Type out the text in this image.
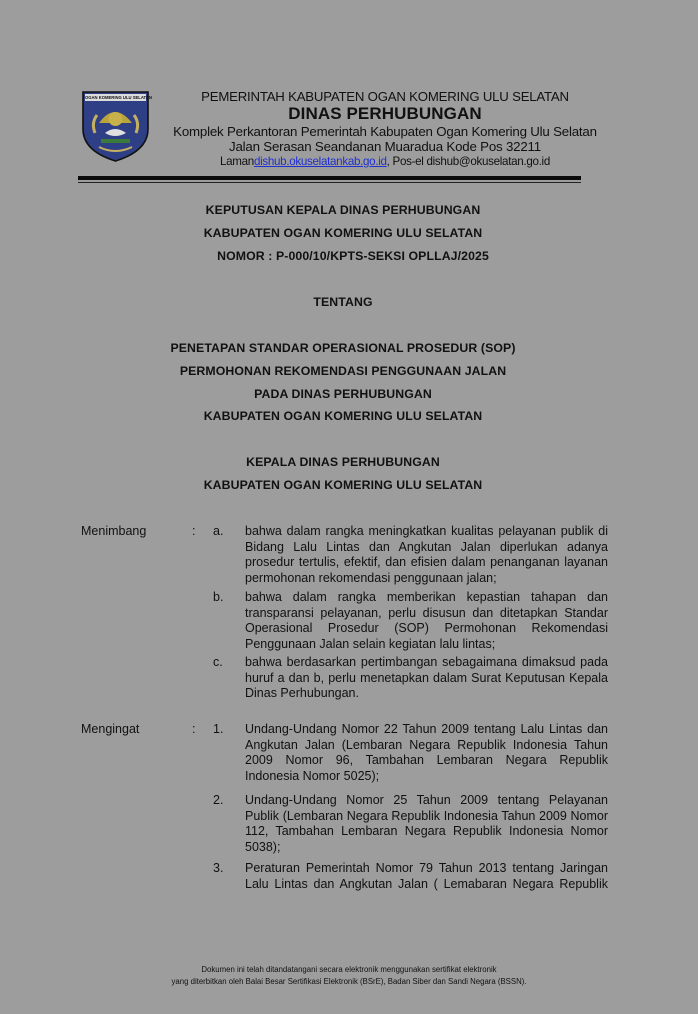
OGAN KOMERING ULU SELATAN	PEMERINTAH KABUPATEN OGAN KOMERING ULU SELATAN
DINAS PERHUBUNGAN
Komplek Perkantoran Pemerintah Kabupaten Ogan Komering Ulu Selatan
Jalan Serasan Seandanan Muaradua Kode Pos 32211
Lamandishub.okuselatankab.go.id, Pos-el dishub@okuselatan.go.id
KEPUTUSAN KEPALA DINAS PERHUBUNGAN
KABUPATEN OGAN KOMERING ULU SELATAN
NOMOR : P-000/10/KPTS-SEKSI OPLLAJ/2025
TENTANG
PENETAPAN STANDAR OPERASIONAL PROSEDUR (SOP)
PERMOHONAN REKOMENDASI PENGGUNAAN JALAN
PADA DINAS PERHUBUNGAN
KABUPATEN OGAN KOMERING ULU SELATAN
KEPALA DINAS PERHUBUNGAN
KABUPATEN OGAN KOMERING ULU SELATAN
Menimbang	: a. bahwa dalam rangka meningkatkan kualitas pelayanan publik di Bidang Lalu Lintas dan Angkutan Jalan diperlukan adanya prosedur tertulis, efektif, dan efisien dalam penanganan layanan permohonan rekomendasi penggunaan jalan;
b. bahwa dalam rangka memberikan kepastian tahapan dan transparansi pelayanan, perlu disusun dan ditetapkan Standar Operasional Prosedur (SOP) Permohonan Rekomendasi Penggunaan Jalan selain kegiatan lalu lintas;
c. bahwa berdasarkan pertimbangan sebagaimana dimaksud pada huruf a dan b, perlu menetapkan dalam Surat Keputusan Kepala Dinas Perhubungan.
Mengingat	: 1. Undang-Undang Nomor 22 Tahun 2009 tentang Lalu Lintas dan Angkutan Jalan (Lembaran Negara Republik Indonesia Tahun 2009 Nomor 96, Tambahan Lembaran Negara Republik Indonesia Nomor 5025);
2. Undang-Undang Nomor 25 Tahun 2009 tentang Pelayanan Publik (Lembaran Negara Republik Indonesia Tahun 2009 Nomor 112, Tambahan Lembaran Negara Republik Indonesia Nomor 5038);
3. Peraturan Pemerintah Nomor 79 Tahun 2013 tentang Jaringan Lalu Lintas dan Angkutan Jalan ( Lemabaran Negara Republik
Dokumen ini telah ditandatangani secara elektronik menggunakan sertifikat elektronik
yang diterbitkan oleh Balai Besar Sertifikasi Elektronik (BSrE), Badan Siber dan Sandi Negara (BSSN).
